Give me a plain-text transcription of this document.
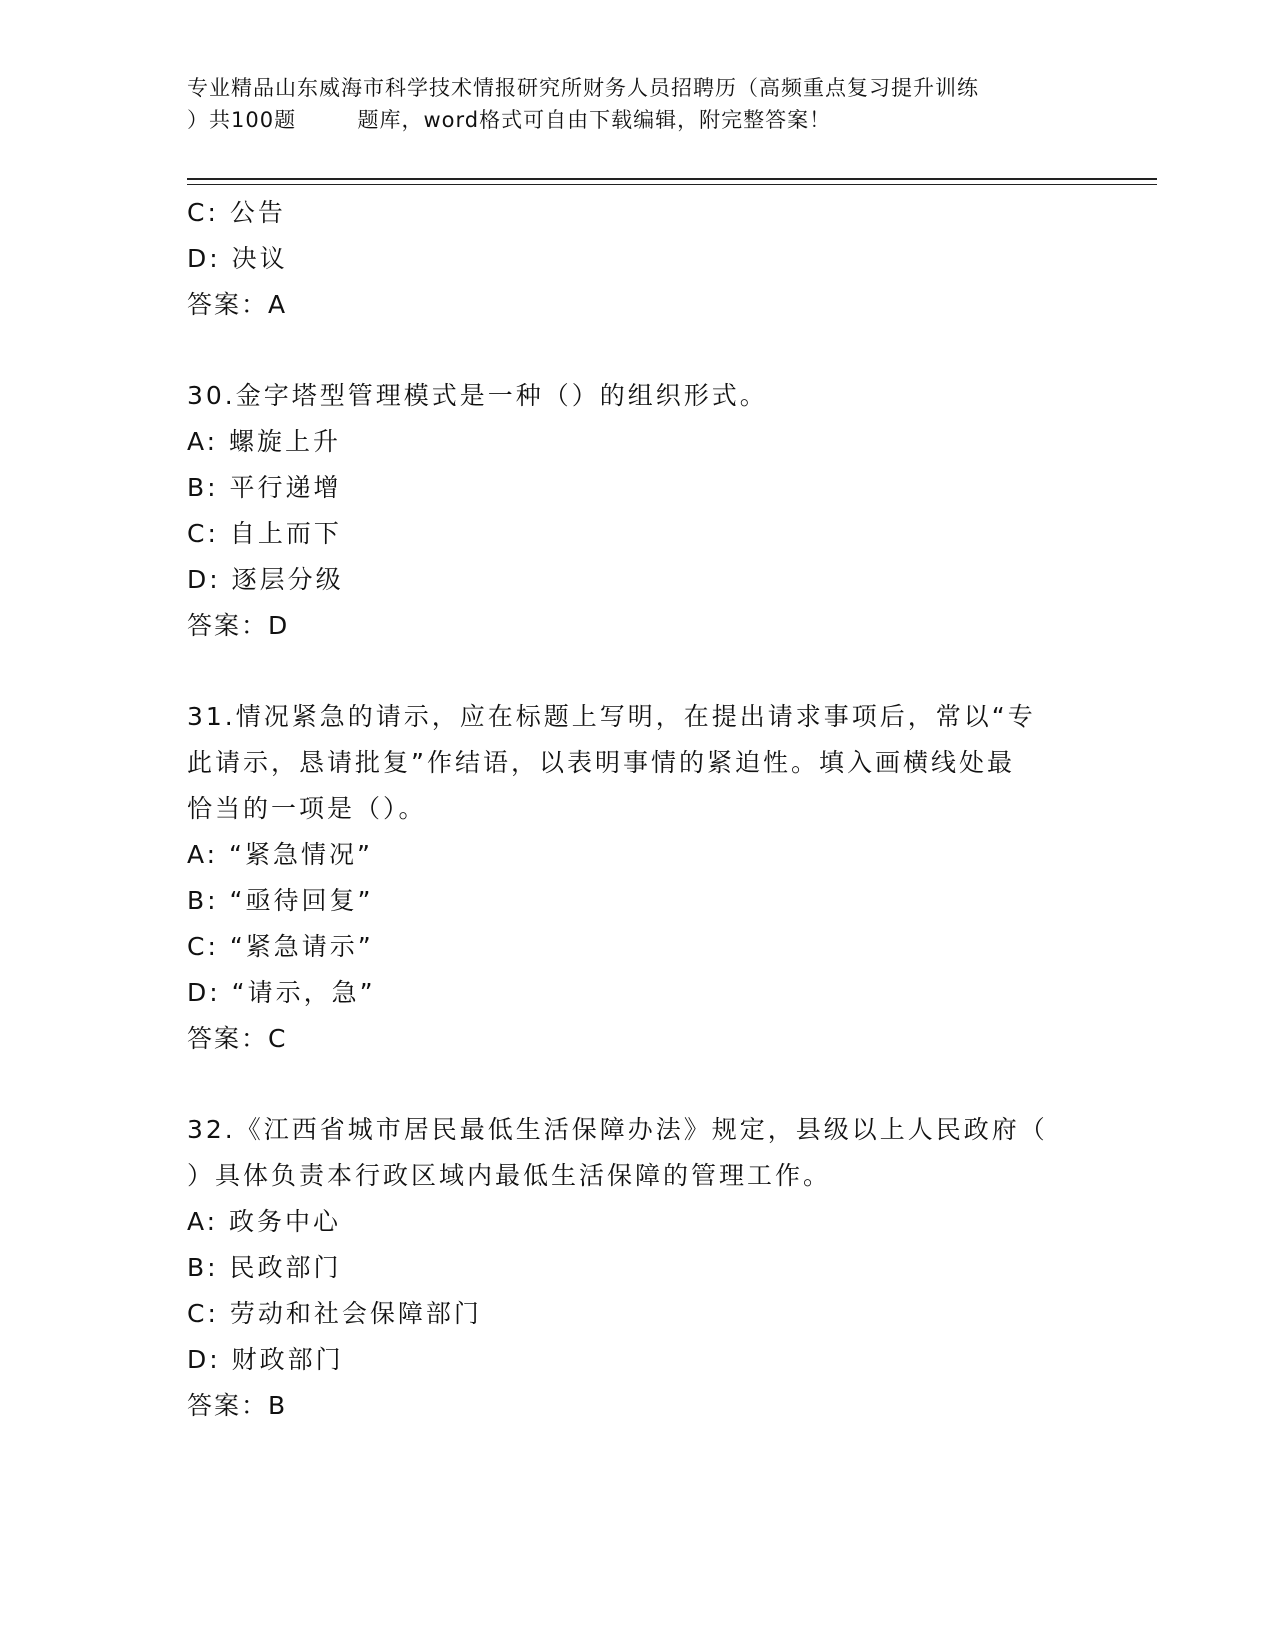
专业精品山东威海市科学技术情报研究所财务人员招聘历（高频重点复习提升训练
）共100题        题库，word格式可自由下载编辑，附完整答案！
C: 公告
D: 决议
答案：A
30.金字塔型管理模式是一种（）的组织形式。
A: 螺旋上升
B: 平行递增
C: 自上而下
D: 逐层分级
答案：D
31.情况紧急的请示，应在标题上写明，在提出请求事项后，常以“专
此请示，恳请批复”作结语，以表明事情的紧迫性。填入画横线处最
恰当的一项是（）。
A: “紧急情况”
B: “亟待回复”
C: “紧急请示”
D: “请示，急”
答案：C
32.《江西省城市居民最低生活保障办法》规定，县级以上人民政府（
）具体负责本行政区域内最低生活保障的管理工作。
A: 政务中心
B: 民政部门
C: 劳动和社会保障部门
D: 财政部门
答案：B
